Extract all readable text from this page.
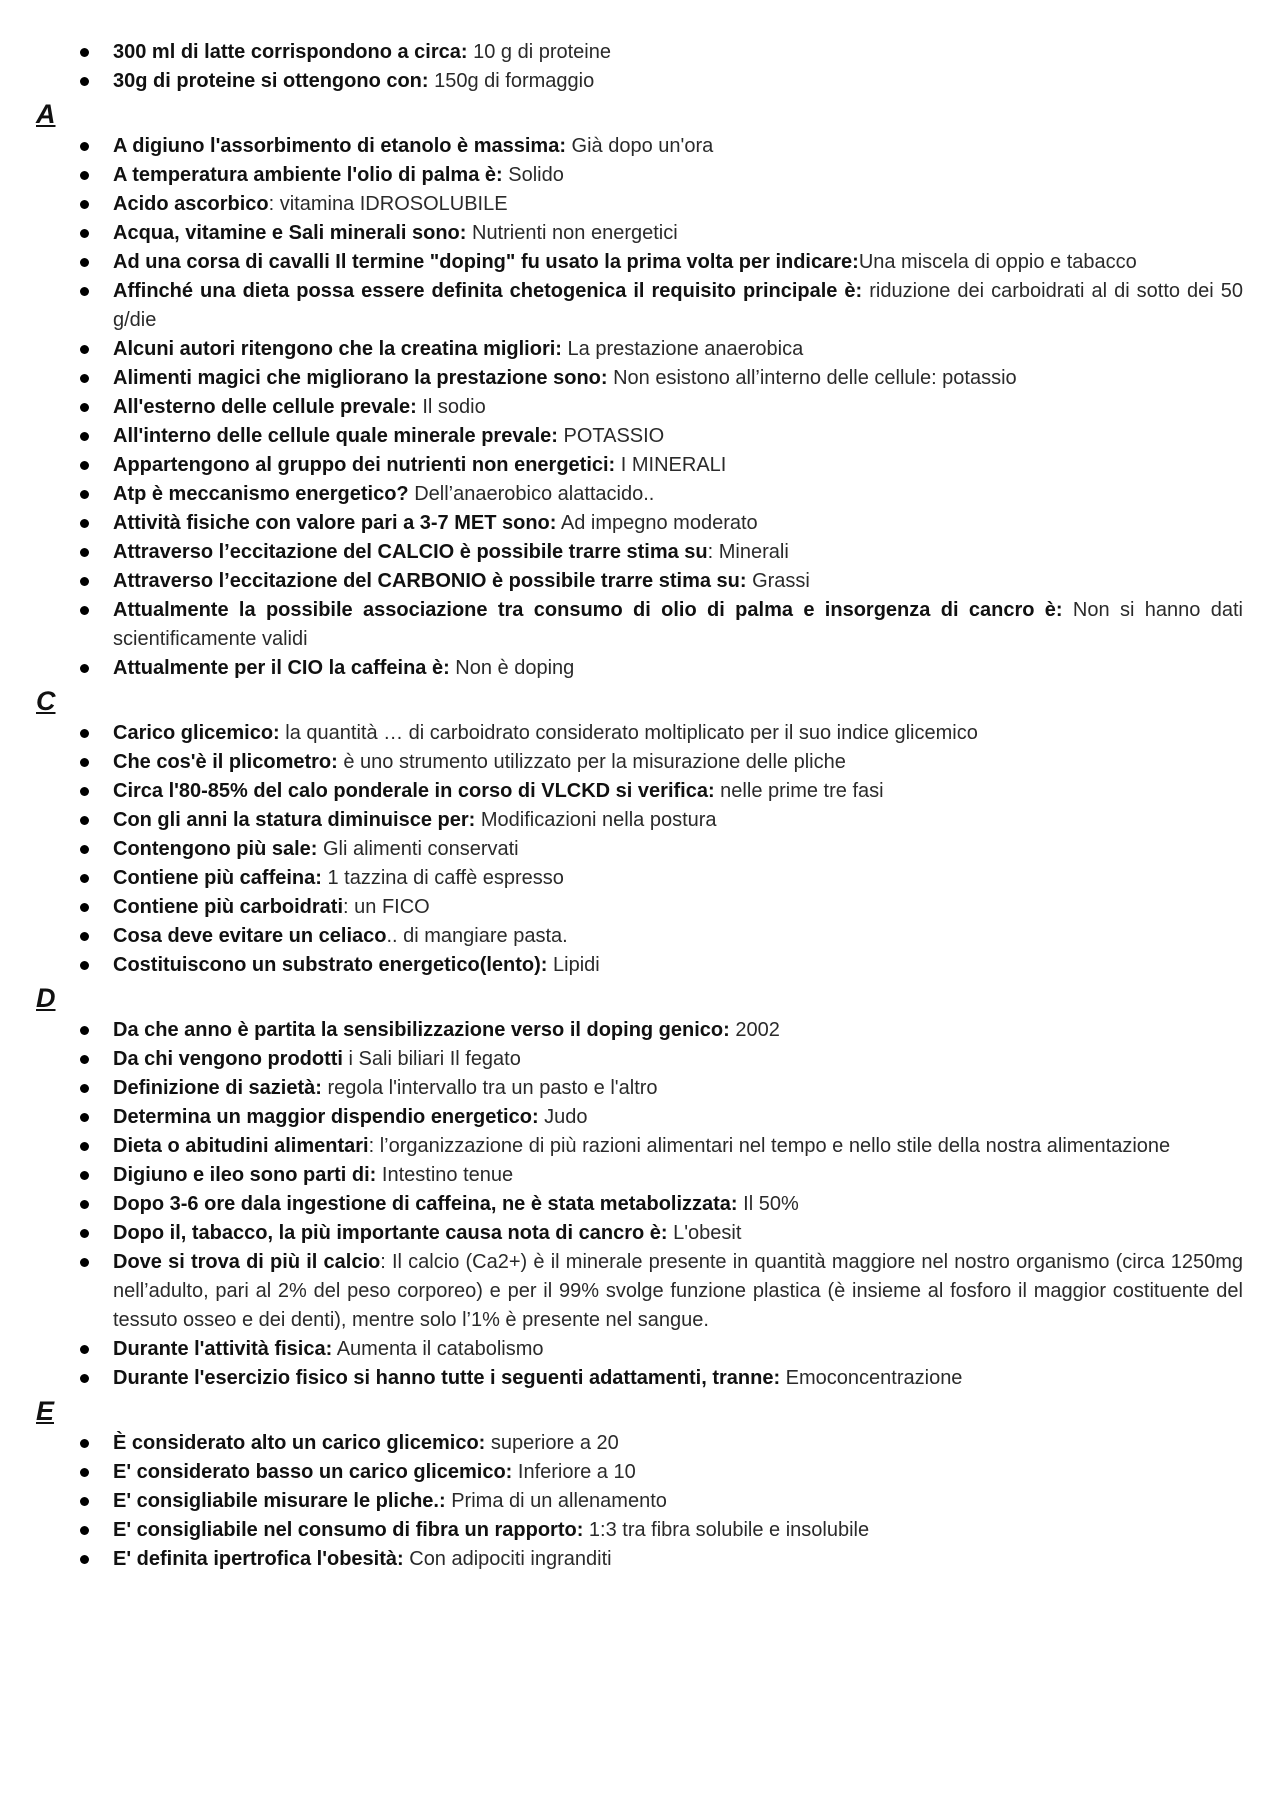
300 ml di latte corrispondono a circa: 10 g di proteine
30g di proteine si ottengono con: 150g di formaggio
A
A digiuno l'assorbimento di etanolo è massima: Già dopo un'ora
A temperatura ambiente l'olio di palma è: Solido
Acido ascorbico: vitamina IDROSOLUBILE
Acqua, vitamine e Sali minerali sono: Nutrienti non energetici
Ad una corsa di cavalli Il termine "doping" fu usato la prima volta per indicare:Una miscela di oppio e tabacco
Affinché una dieta possa essere definita chetogenica il requisito principale è: riduzione dei carboidrati al di sotto dei 50 g/die
Alcuni autori ritengono che la creatina migliori: La prestazione anaerobica
Alimenti magici che migliorano la prestazione sono: Non esistono all’interno delle cellule: potassio
All'esterno delle cellule prevale: Il sodio
All'interno delle cellule quale minerale prevale: POTASSIO
Appartengono al gruppo dei nutrienti non energetici: I MINERALI
Atp è meccanismo energetico? Dell’anaerobico alattacido..
Attività fisiche con valore pari a 3-7 MET sono: Ad impegno moderato
Attraverso l’eccitazione del CALCIO è possibile trarre stima su: Minerali
Attraverso l’eccitazione del CARBONIO è possibile trarre stima su: Grassi
Attualmente la possibile associazione tra consumo di olio di palma e insorgenza di cancro è: Non si hanno dati scientificamente validi
Attualmente per il CIO la caffeina è: Non è doping
C
Carico glicemico: la quantità … di carboidrato considerato moltiplicato per il suo indice glicemico
Che cos'è il plicometro: è uno strumento utilizzato per la misurazione delle pliche
Circa l'80-85% del calo ponderale in corso di VLCKD si verifica: nelle prime tre fasi
Con gli anni la statura diminuisce per: Modificazioni nella postura
Contengono più sale: Gli alimenti conservati
Contiene più caffeina: 1 tazzina di caffè espresso
Contiene più carboidrati: un FICO
Cosa deve evitare un celiaco.. di mangiare pasta.
Costituiscono un substrato energetico(lento): Lipidi
D
Da che anno è partita la sensibilizzazione verso il doping genico: 2002
Da chi vengono prodotti i Sali biliari Il fegato
Definizione di sazietà: regola l'intervallo tra un pasto e l'altro
Determina un maggior dispendio energetico: Judo
Dieta o abitudini alimentari: l’organizzazione di più razioni alimentari nel tempo e nello stile della nostra alimentazione
Digiuno e ileo sono parti di: Intestino tenue
Dopo 3-6 ore dala ingestione di caffeina, ne è stata metabolizzata: Il 50%
Dopo il, tabacco, la più importante causa nota di cancro è: L'obesit
Dove si trova di più il calcio: Il calcio (Ca2+) è il minerale presente in quantità maggiore nel nostro organismo (circa 1250mg nell’adulto, pari al 2% del peso corporeo) e per il 99% svolge funzione plastica (è insieme al fosforo il maggior costituente del tessuto osseo e dei denti), mentre solo l’1% è presente nel sangue.
Durante l'attività fisica: Aumenta il catabolismo
Durante l'esercizio fisico si hanno tutte i seguenti adattamenti, tranne: Emoconcentrazione
E
È considerato alto un carico glicemico: superiore a 20
E' considerato basso un carico glicemico: Inferiore a 10
E' consigliabile misurare le pliche.: Prima di un allenamento
E' consigliabile nel consumo di fibra un rapporto: 1:3 tra fibra solubile e insolubile
E' definita ipertrofica l'obesità: Con adipociti ingranditi
